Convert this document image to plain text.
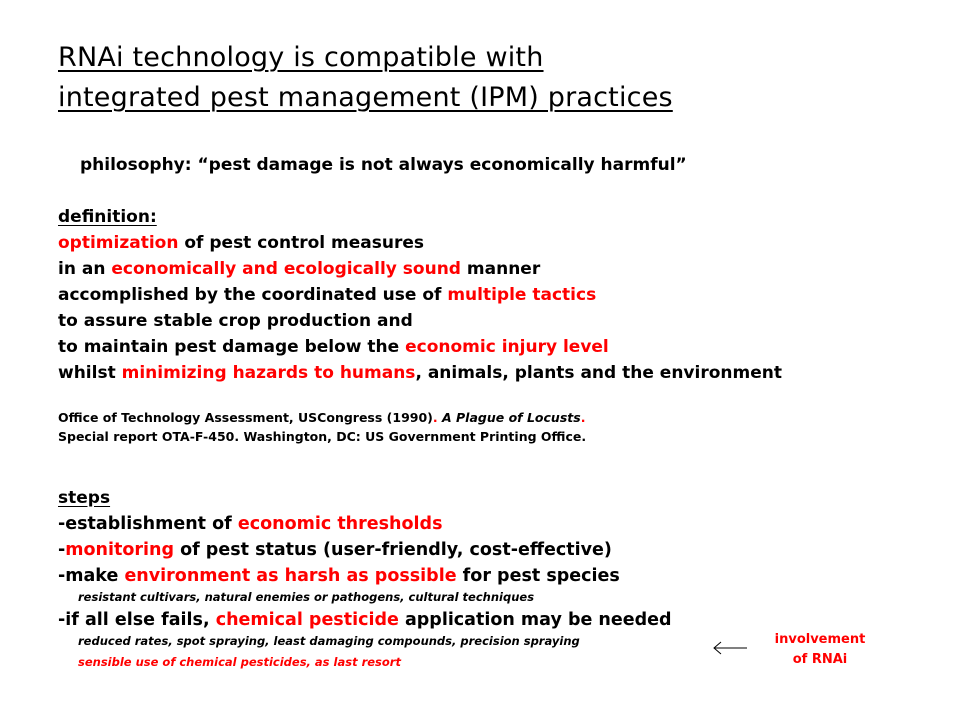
RNAi technology is compatible with
integrated pest management (IPM) practices
philosophy: “pest damage is not always economically harmful”
definition:
optimization of pest control measures
in an economically and ecologically sound manner
accomplished by the coordinated use of multiple tactics
to assure stable crop production and
to maintain pest damage below the economic injury level
whilst minimizing hazards to humans, animals, plants and the environment
Office of Technology Assessment, USCongress (1990). A Plague of Locusts.
Special report OTA-F-450. Washington, DC: US Government Printing Office.
steps
-establishment of economic thresholds
-monitoring of pest status (user-friendly, cost-effective)
-make environment as harsh as possible for pest species
resistant cultivars, natural enemies or pathogens, cultural techniques
-if all else fails, chemical pesticide application may be needed
reduced rates, spot spraying, least damaging compounds, precision spraying
sensible use of chemical pesticides, as last resort
involvement
of RNAi
